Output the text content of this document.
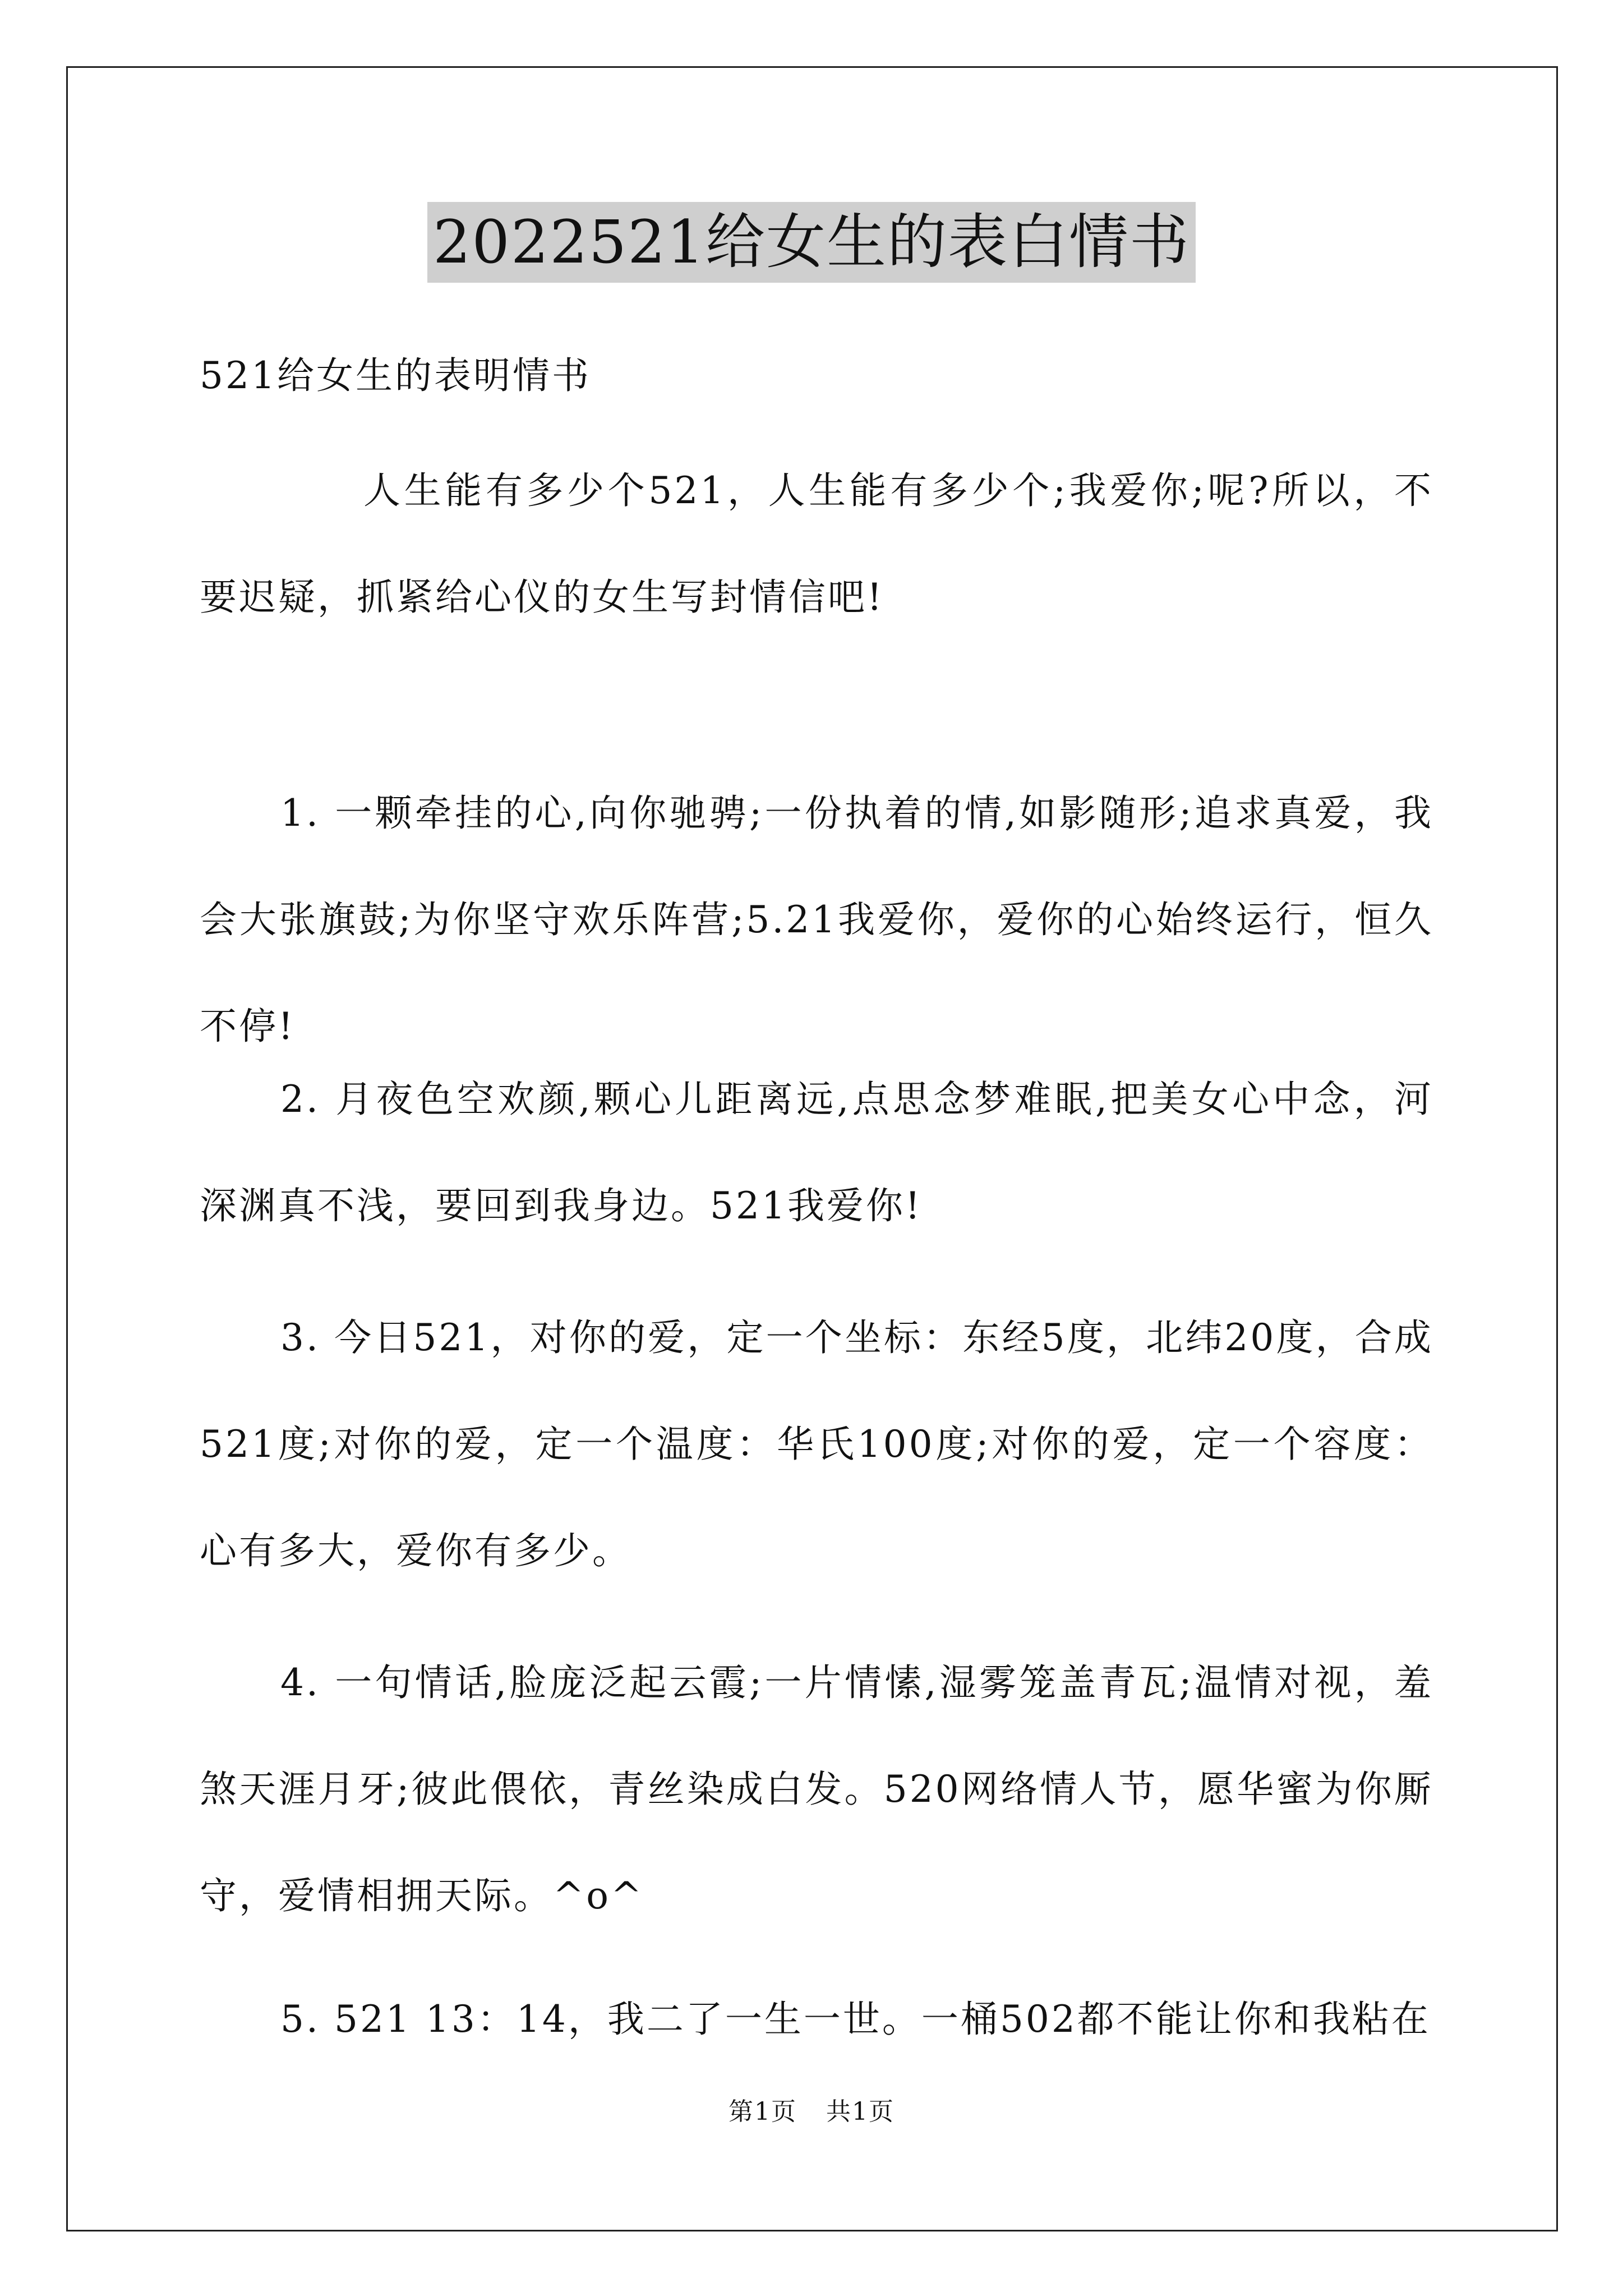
2022521给女生的表白情书
521给女生的表明情书
人生能有多少个521，人生能有多少个;我爱你;呢?所以，不要迟疑，抓紧给心仪的女生写封情信吧!
1. 一颗牵挂的心,向你驰骋;一份执着的情,如影随形;追求真爱，我会大张旗鼓;为你坚守欢乐阵营;5.21我爱你，爱你的心始终运行，恒久不停!
2. 月夜色空欢颜,颗心儿距离远,点思念梦难眠,把美女心中念，河深渊真不浅，要回到我身边。521我爱你!
3. 今日521，对你的爱，定一个坐标：东经5度，北纬20度，合成521度;对你的爱，定一个温度：华氏100度;对你的爱，定一个容度：心有多大，爱你有多少。
4. 一句情话,脸庞泛起云霞;一片情愫,湿雾笼盖青瓦;温情对视，羞煞天涯月牙;彼此偎依，青丝染成白发。520网络情人节，愿华蜜为你厮守，爱情相拥天际。^o^
5. 521 13：14，我二了一生一世。一桶502都不能让你和我粘在
第1页 共1页
